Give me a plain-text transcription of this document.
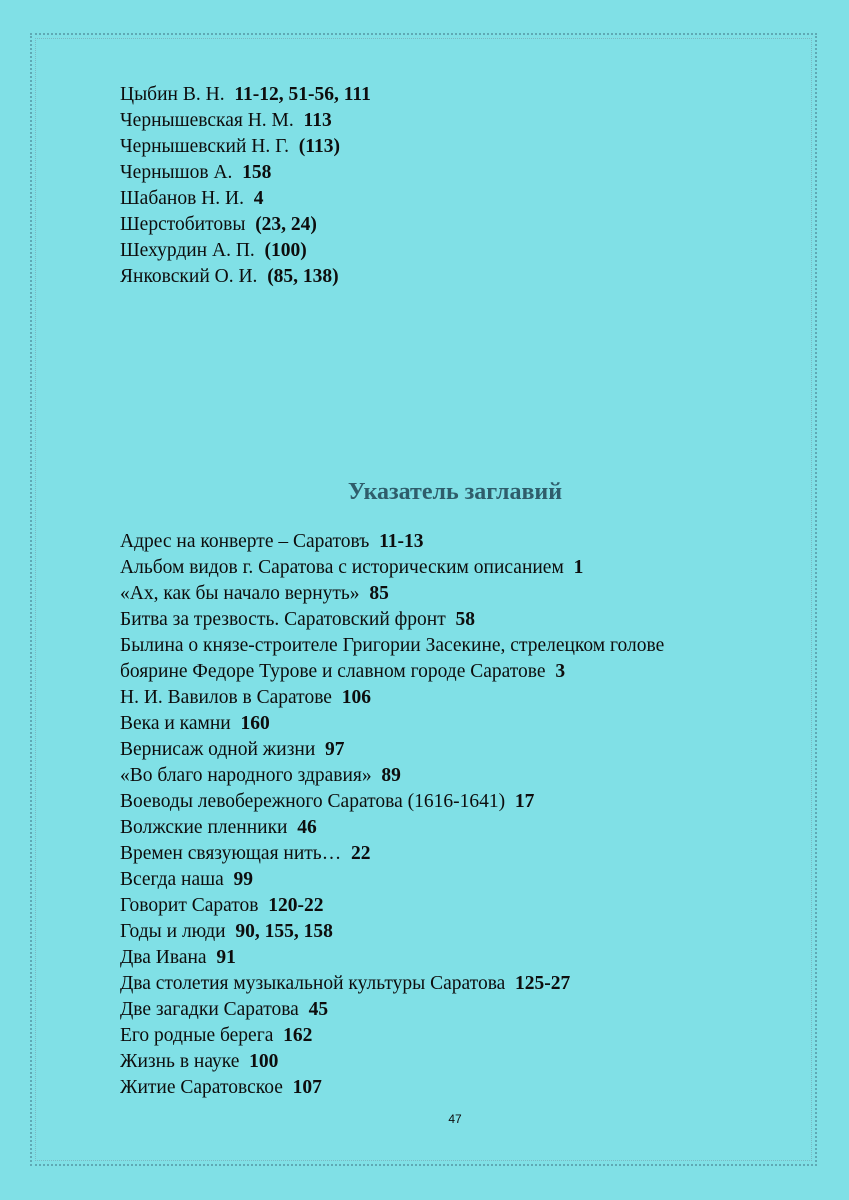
Цыбин В. Н. 11-12, 51-56, 111
Чернышевская Н. М. 113
Чернышевский Н. Г. (113)
Чернышов А. 158
Шабанов Н. И. 4
Шерстобитовы (23, 24)
Шехурдин А. П. (100)
Янковский О. И. (85, 138)
Указатель заглавий
Адрес на конверте – Саратовъ 11-13
Альбом видов г. Саратова с историческим описанием 1
«Ах, как бы начало вернуть» 85
Битва за трезвость. Саратовский фронт 58
Былина о князе-строителе Григории Засекине, стрелецком голове
боярине Федоре Турове и славном городе Саратове 3
Н. И. Вавилов в Саратове 106
Века и камни 160
Вернисаж одной жизни 97
«Во благо народного здравия» 89
Воеводы левобережного Саратова (1616-1641) 17
Волжские пленники 46
Времен связующая нить… 22
Всегда наша 99
Говорит Саратов 120-22
Годы и люди 90, 155, 158
Два Ивана 91
Два столетия музыкальной культуры Саратова 125-27
Две загадки Саратова 45
Его родные берега 162
Жизнь в науке 100
Житие Саратовское 107
47
